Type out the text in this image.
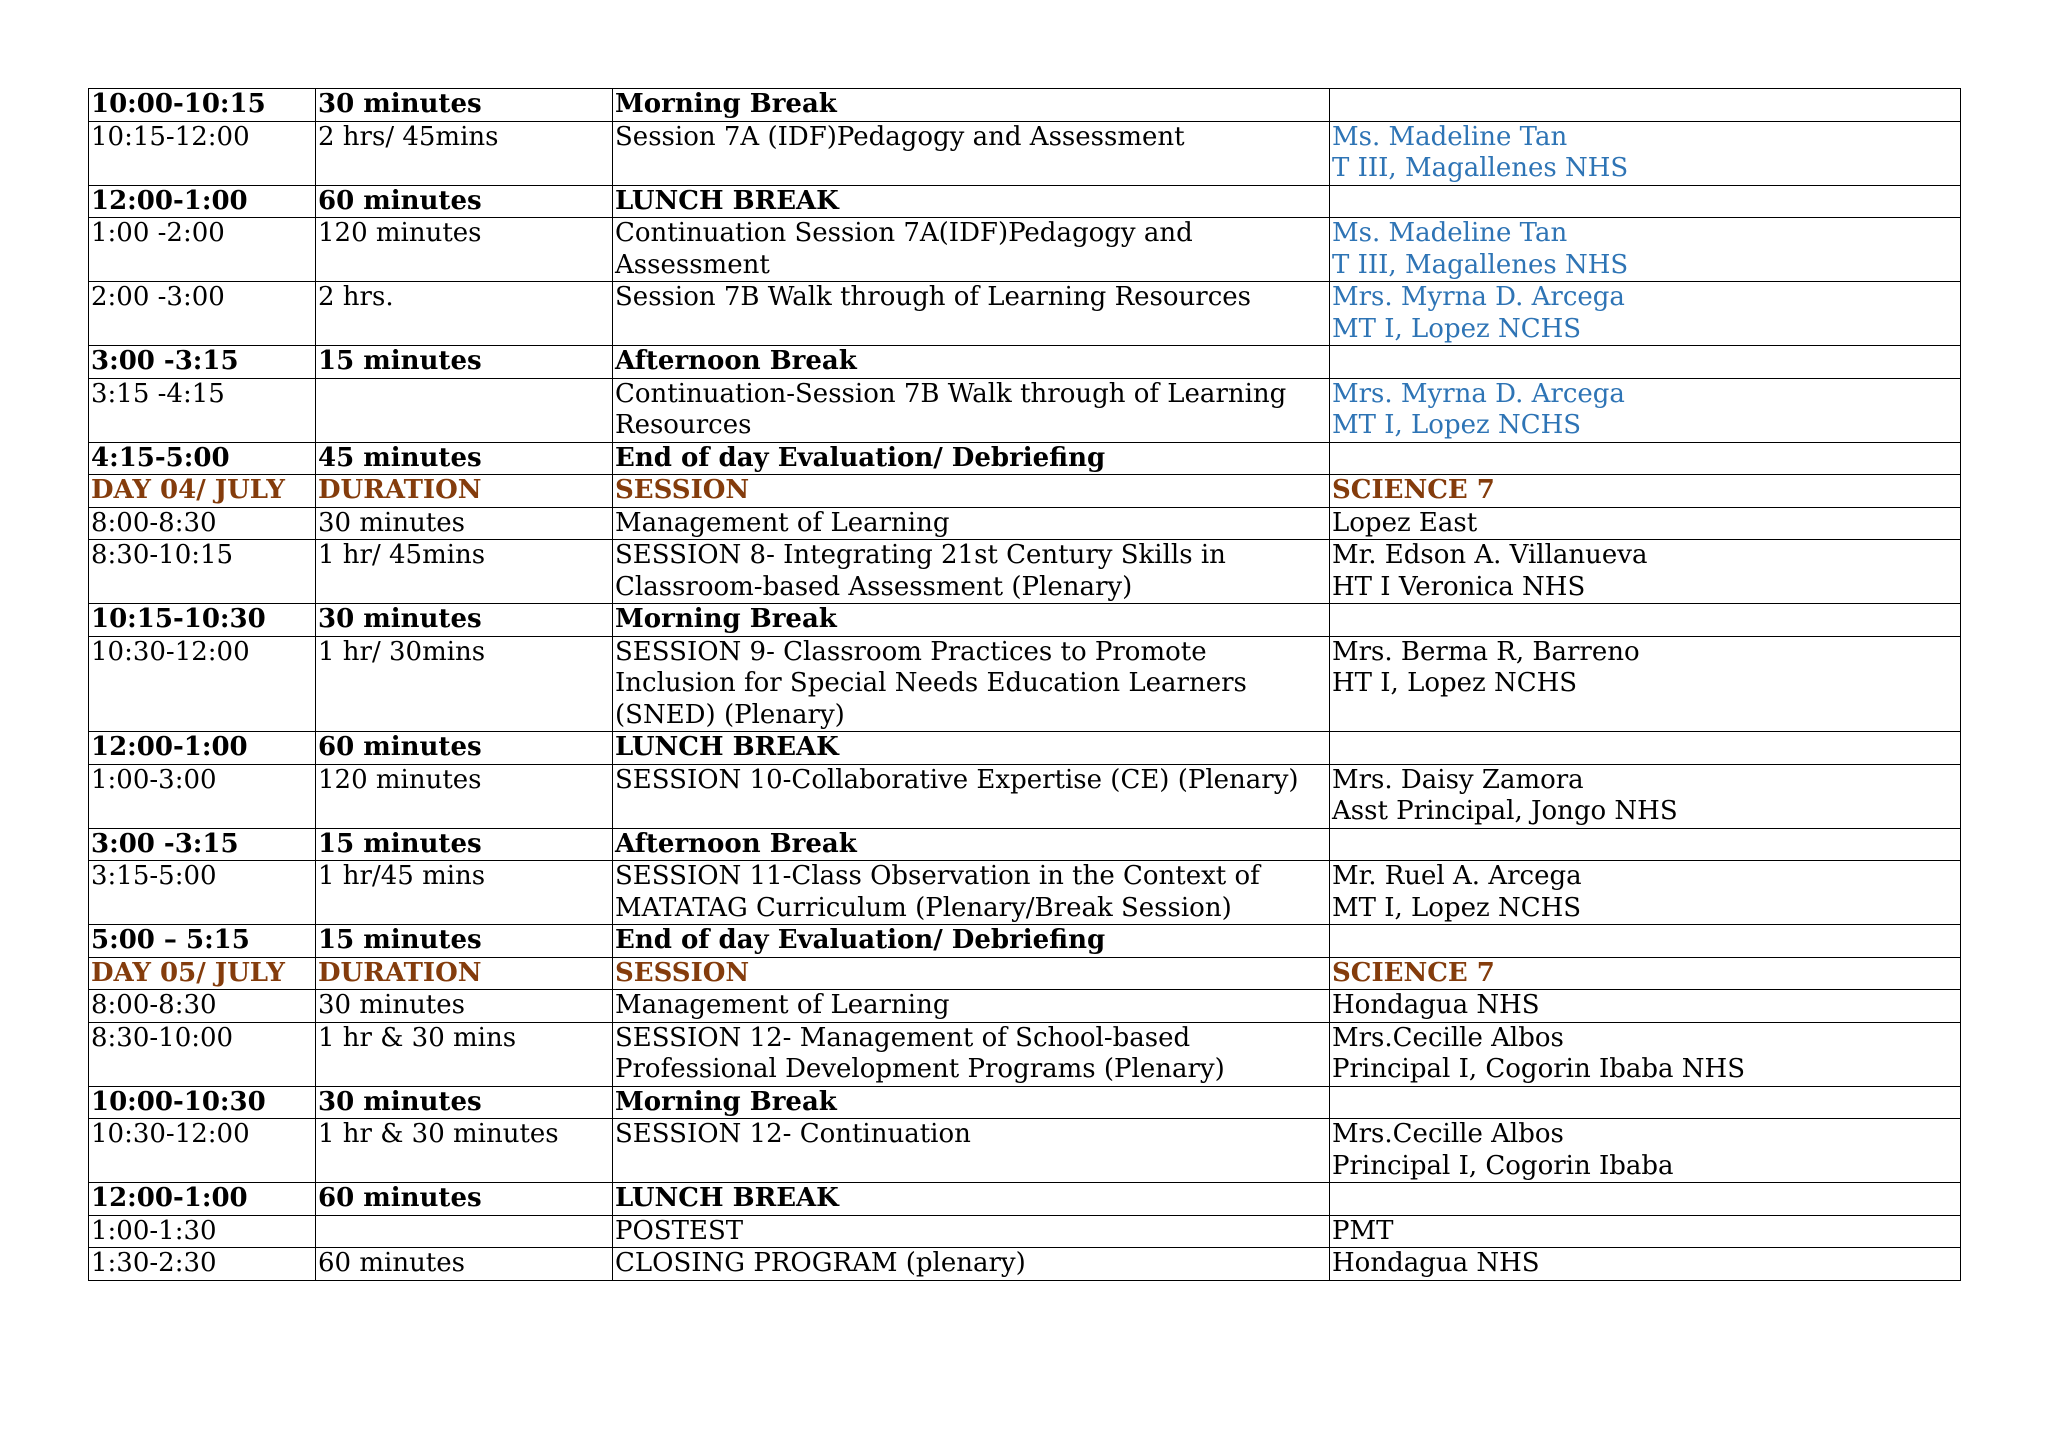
10:00-10:15	30 minutes	Morning Break	

10:15-12:00	2 hrs/ 45mins	Session 7A (IDF)Pedagogy and Assessment	Ms. Madeline Tan
T III, Magallenes NHS

12:00-1:00	60 minutes	LUNCH BREAK	

1:00 -2:00	120 minutes	Continuation Session 7A(IDF)Pedagogy and
Assessment	Ms. Madeline Tan
T III, Magallenes NHS

2:00 -3:00	2 hrs.	Session 7B Walk through of Learning Resources	Mrs. Myrna D. Arcega
MT I, Lopez NCHS

3:00 -3:15	15 minutes	Afternoon Break	

3:15 -4:15		Continuation-Session 7B Walk through of Learning
Resources	Mrs. Myrna D. Arcega
MT I, Lopez NCHS

4:15-5:00	45 minutes	End of day Evaluation/ Debriefing	

DAY 04/ JULY	DURATION	SESSION	SCIENCE 7

8:00-8:30	30 minutes	Management of Learning	Lopez East

8:30-10:15	1 hr/ 45mins	SESSION 8- Integrating 21st Century Skills in
Classroom-based Assessment (Plenary)	Mr. Edson A. Villanueva
HT I Veronica NHS

10:15-10:30	30 minutes	Morning Break	

10:30-12:00	1 hr/ 30mins	SESSION 9- Classroom Practices to Promote
Inclusion for Special Needs Education Learners
(SNED) (Plenary)	Mrs. Berma R, Barreno
HT I, Lopez NCHS

12:00-1:00	60 minutes	LUNCH BREAK	

1:00-3:00	120 minutes	SESSION 10-Collaborative Expertise (CE) (Plenary)	Mrs. Daisy Zamora
Asst Principal, Jongo NHS

3:00 -3:15	15 minutes	Afternoon Break	

3:15-5:00	1 hr/45 mins	SESSION 11-Class Observation in the Context of
MATATAG Curriculum (Plenary/Break Session)	Mr. Ruel A. Arcega
MT I, Lopez NCHS

5:00 – 5:15	15 minutes	End of day Evaluation/ Debriefing	

DAY 05/ JULY	DURATION	SESSION	SCIENCE 7

8:00-8:30	30 minutes	Management of Learning	Hondagua NHS

8:30-10:00	1 hr & 30 mins	SESSION 12- Management of School-based
Professional Development Programs (Plenary)	Mrs.Cecille Albos
Principal I, Cogorin Ibaba NHS

10:00-10:30	30 minutes	Morning Break	

10:30-12:00	1 hr & 30 minutes	SESSION 12- Continuation	Mrs.Cecille Albos
Principal I, Cogorin Ibaba

12:00-1:00	60 minutes	LUNCH BREAK	

1:00-1:30		POSTEST	PMT

1:30-2:30	60 minutes	CLOSING PROGRAM (plenary)	Hondagua NHS
